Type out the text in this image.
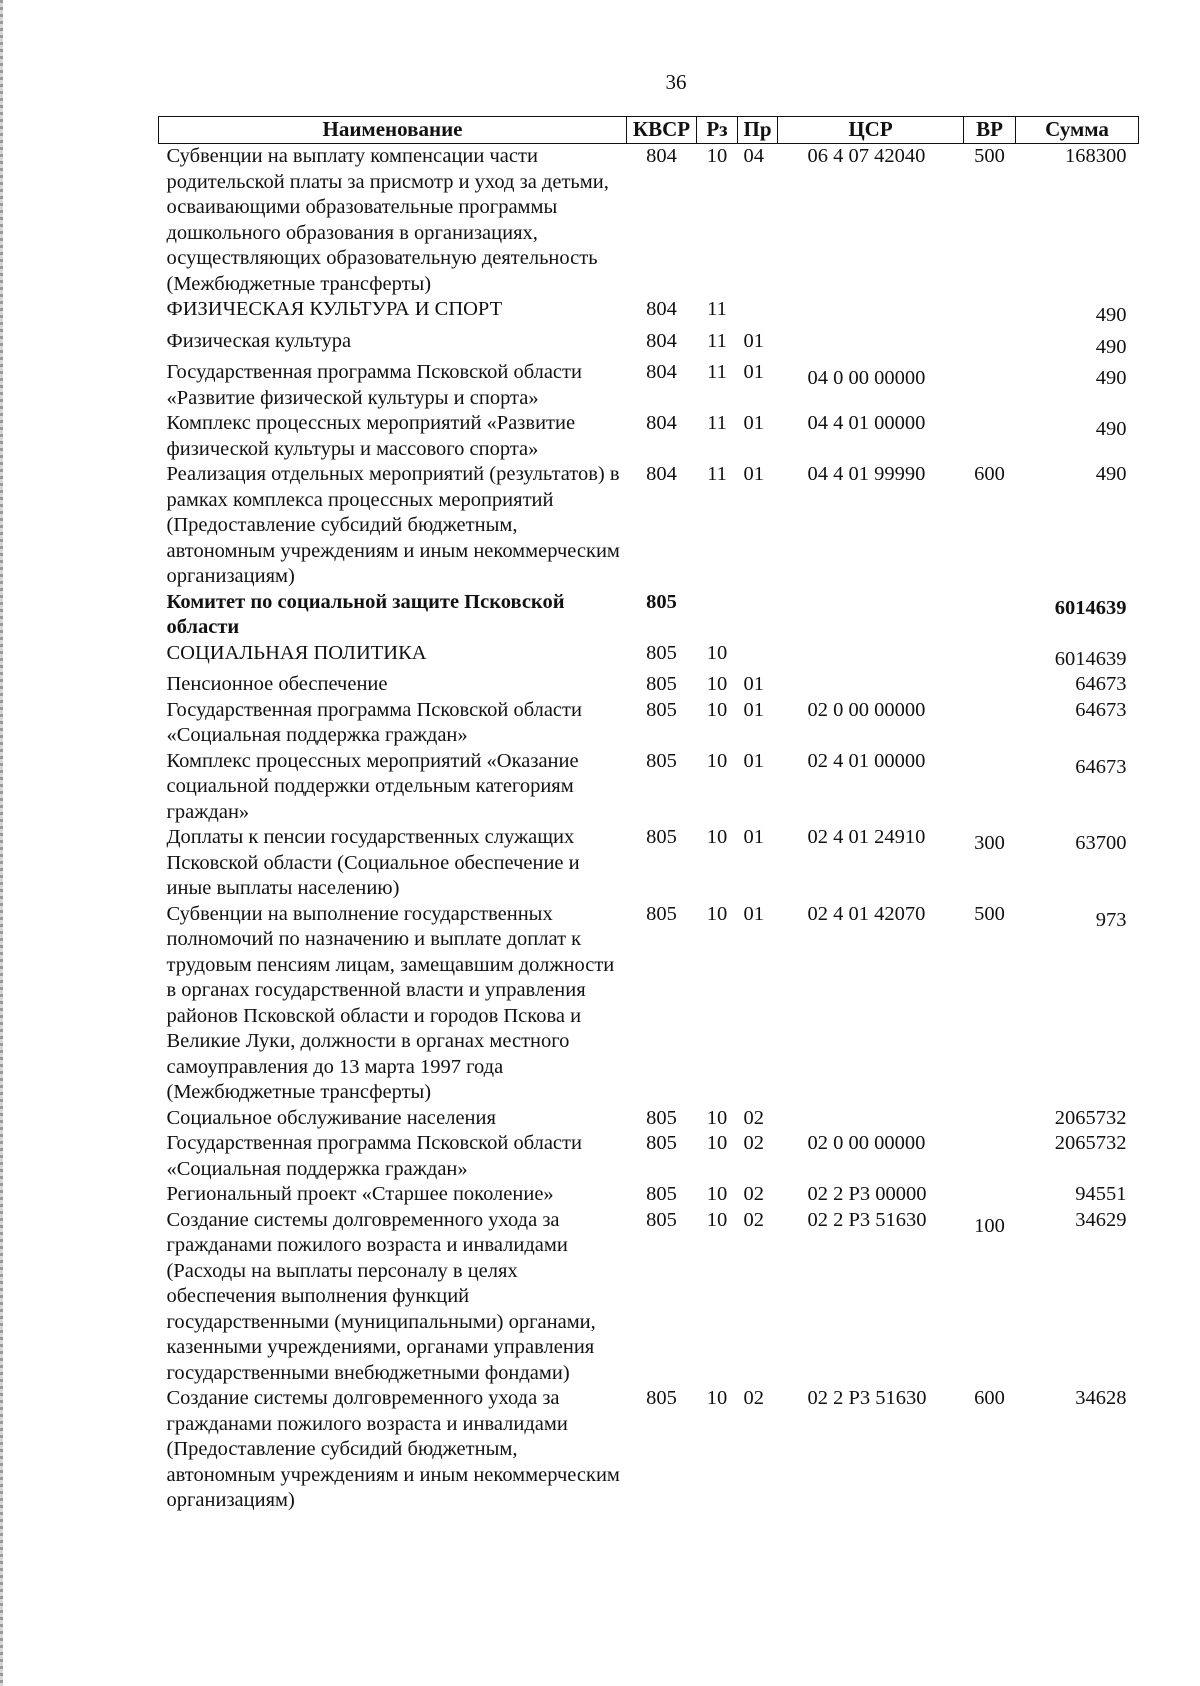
36
Наименование	КВСР	Рз	Пр	ЦСР	ВР	Сумма
Субвенции на выплату компенсации части родительской платы за присмотр и уход за детьми, осваивающими образовательные программы дошкольного образования в организациях, осуществляющих образовательную деятельность (Межбюджетные трансферты)	804	10	04	06 4 07 42040	500	168300
ФИЗИЧЕСКАЯ КУЛЬТУРА И СПОРТ	804	11				490
Физическая культура	804	11	01			490
Государственная программа Псковской области «Развитие физической культуры и спорта»	804	11	01	04 0 00 00000		490
Комплекс процессных мероприятий «Развитие физической культуры и массового спорта»	804	11	01	04 4 01 00000		490
Реализация отдельных мероприятий (результатов) в рамках комплекса процессных мероприятий (Предоставление субсидий бюджетным, автономным учреждениям и иным некоммерческим организациям)	804	11	01	04 4 01 99990	600	490
Комитет по социальной защите Псковской области	805					6014639
СОЦИАЛЬНАЯ ПОЛИТИКА	805	10				6014639
Пенсионное обеспечение	805	10	01			64673
Государственная программа Псковской области «Социальная поддержка граждан»	805	10	01	02 0 00 00000		64673
Комплекс процессных мероприятий «Оказание социальной поддержки отдельным категориям граждан»	805	10	01	02 4 01 00000		64673
Доплаты к пенсии государственных служащих Псковской области (Социальное обеспечение и иные выплаты населению)	805	10	01	02 4 01 24910	300	63700
Субвенции на выполнение государственных полномочий по назначению и выплате доплат к трудовым пенсиям лицам, замещавшим должности в органах государственной власти и управления районов Псковской области и городов Пскова и Великие Луки, должности в органах местного самоуправления до 13 марта 1997 года (Межбюджетные трансферты)	805	10	01	02 4 01 42070	500	973
Социальное обслуживание населения	805	10	02			2065732
Государственная программа Псковской области «Социальная поддержка граждан»	805	10	02	02 0 00 00000		2065732
Региональный проект «Старшее поколение»	805	10	02	02 2 P3 00000		94551
Создание системы долговременного ухода за гражданами пожилого возраста и инвалидами (Расходы на выплаты персоналу в целях обеспечения выполнения функций государственными (муниципальными) органами, казенными учреждениями, органами управления государственными внебюджетными фондами)	805	10	02	02 2 P3 51630	100	34629
Создание системы долговременного ухода за гражданами пожилого возраста и инвалидами (Предоставление субсидий бюджетным, автономным учреждениям и иным некоммерческим организациям)	805	10	02	02 2 P3 51630	600	34628
